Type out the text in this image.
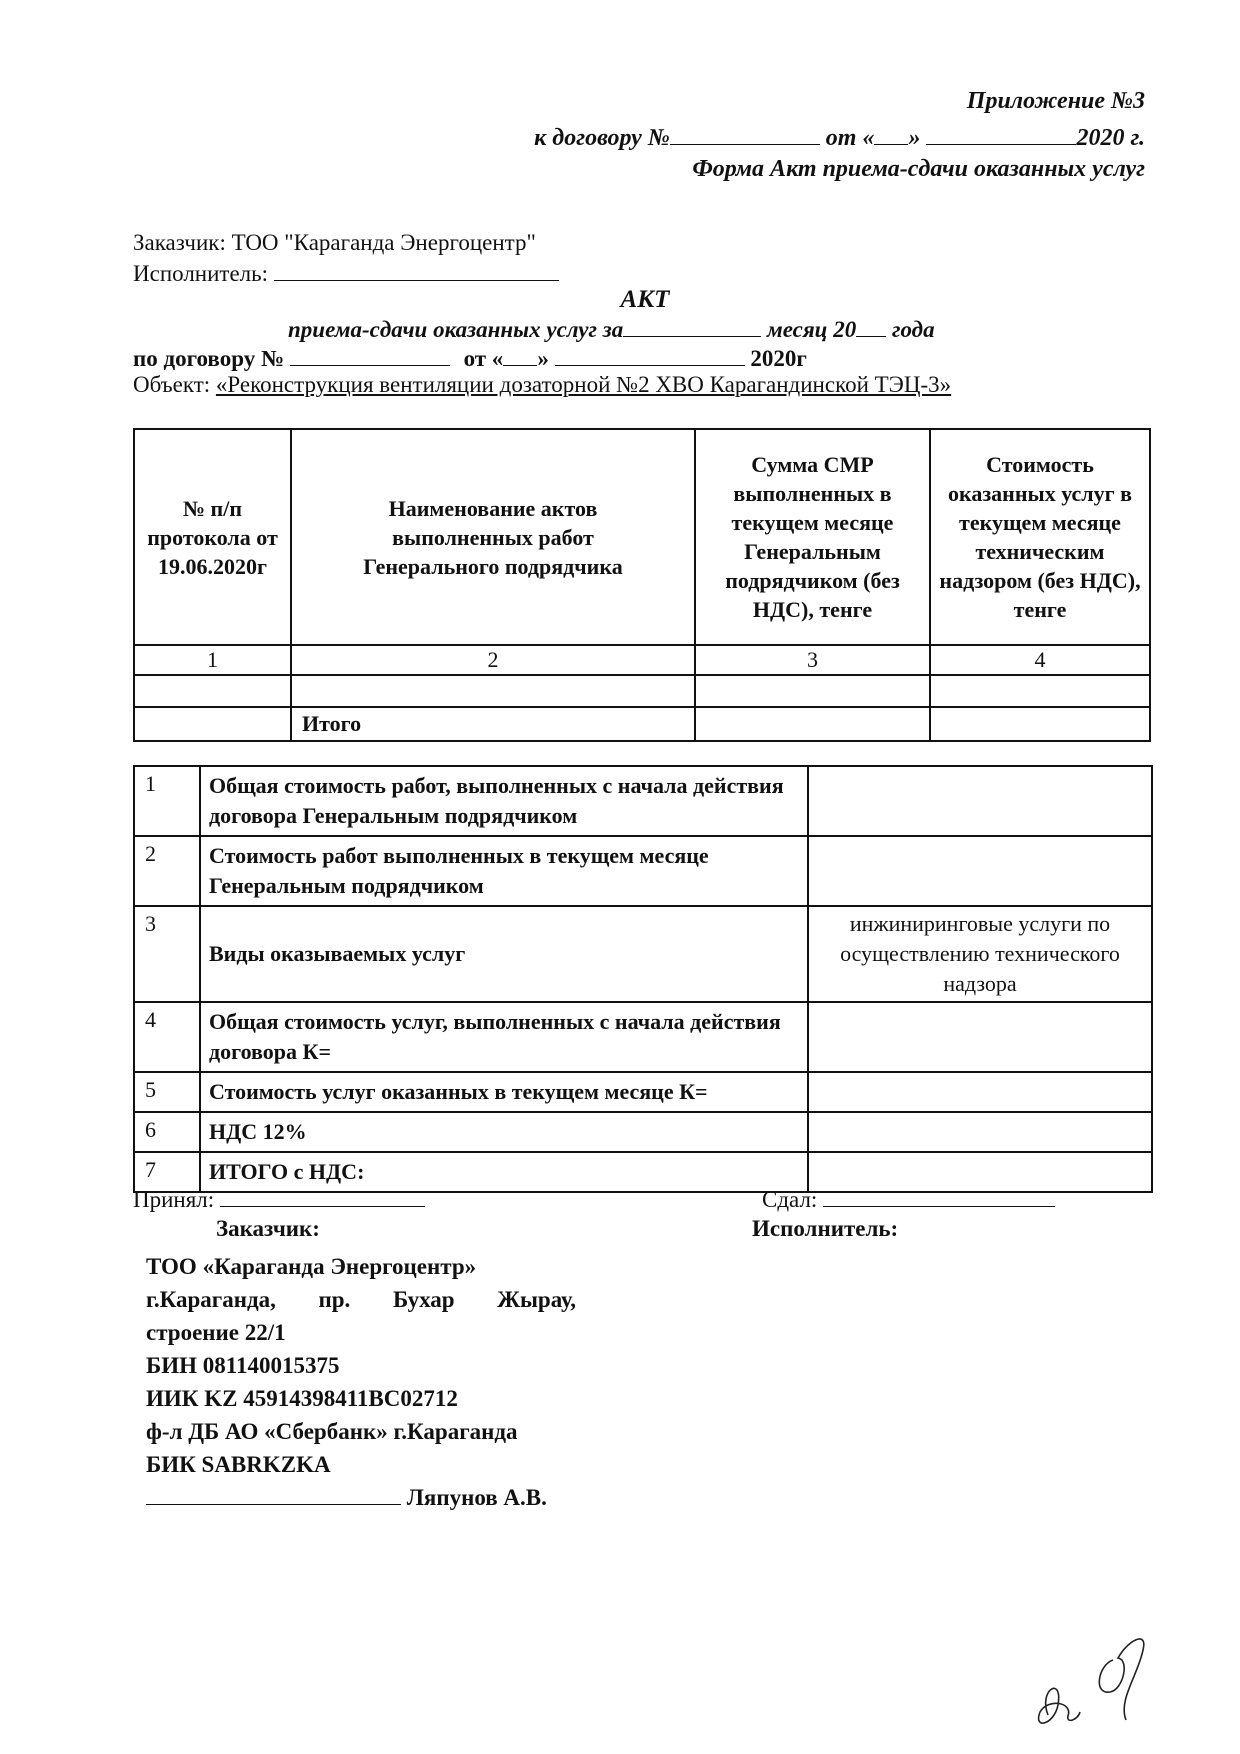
Приложение №3
к договору №	от « »	2020 г.
Форма Акт приема-сдачи оказанных услуг
Заказчик: ТОО "Караганда Энергоцентр"
Исполнитель:
АКТ
приема-сдачи оказанных услуг за	месяц 20 года
по договору №	от « »	2020г
Объект: «Реконструкция вентиляции дозаторной №2 ХВО Карагандинской ТЭЦ-3»
№ п/п протокола от 19.06.2020г	Наименование актов выполненных работ Генерального подрядчика	Сумма СМР выполненных в текущем месяце Генеральным подрядчиком (без НДС), тенге	Стоимость оказанных услуг в текущем месяце техническим надзором (без НДС), тенге
1	2	3	4

	Итого		
1	Общая стоимость работ, выполненных с начала действия договора Генеральным подрядчиком	
2	Стоимость работ выполненных в текущем месяце Генеральным подрядчиком	
3	Виды оказываемых услуг	инжиниринговые услуги по осуществлению технического надзора
4	Общая стоимость услуг, выполненных с начала действия договора К=	
5	Стоимость услуг оказанных в текущем месяце К=	
6	НДС 12%	
7	ИТОГО с НДС:	
Принял:	Сдал:
Заказчик:	Исполнитель:
ТОО «Караганда Энергоцентр»
г.Караганда, пр. Бухар Жырау,
строение 22/1
БИН 081140015375
ИИК KZ 45914398411BC02712
ф-л ДБ АО «Сбербанк» г.Караганда
БИК SABRKZKA
Ляпунов А.В.
